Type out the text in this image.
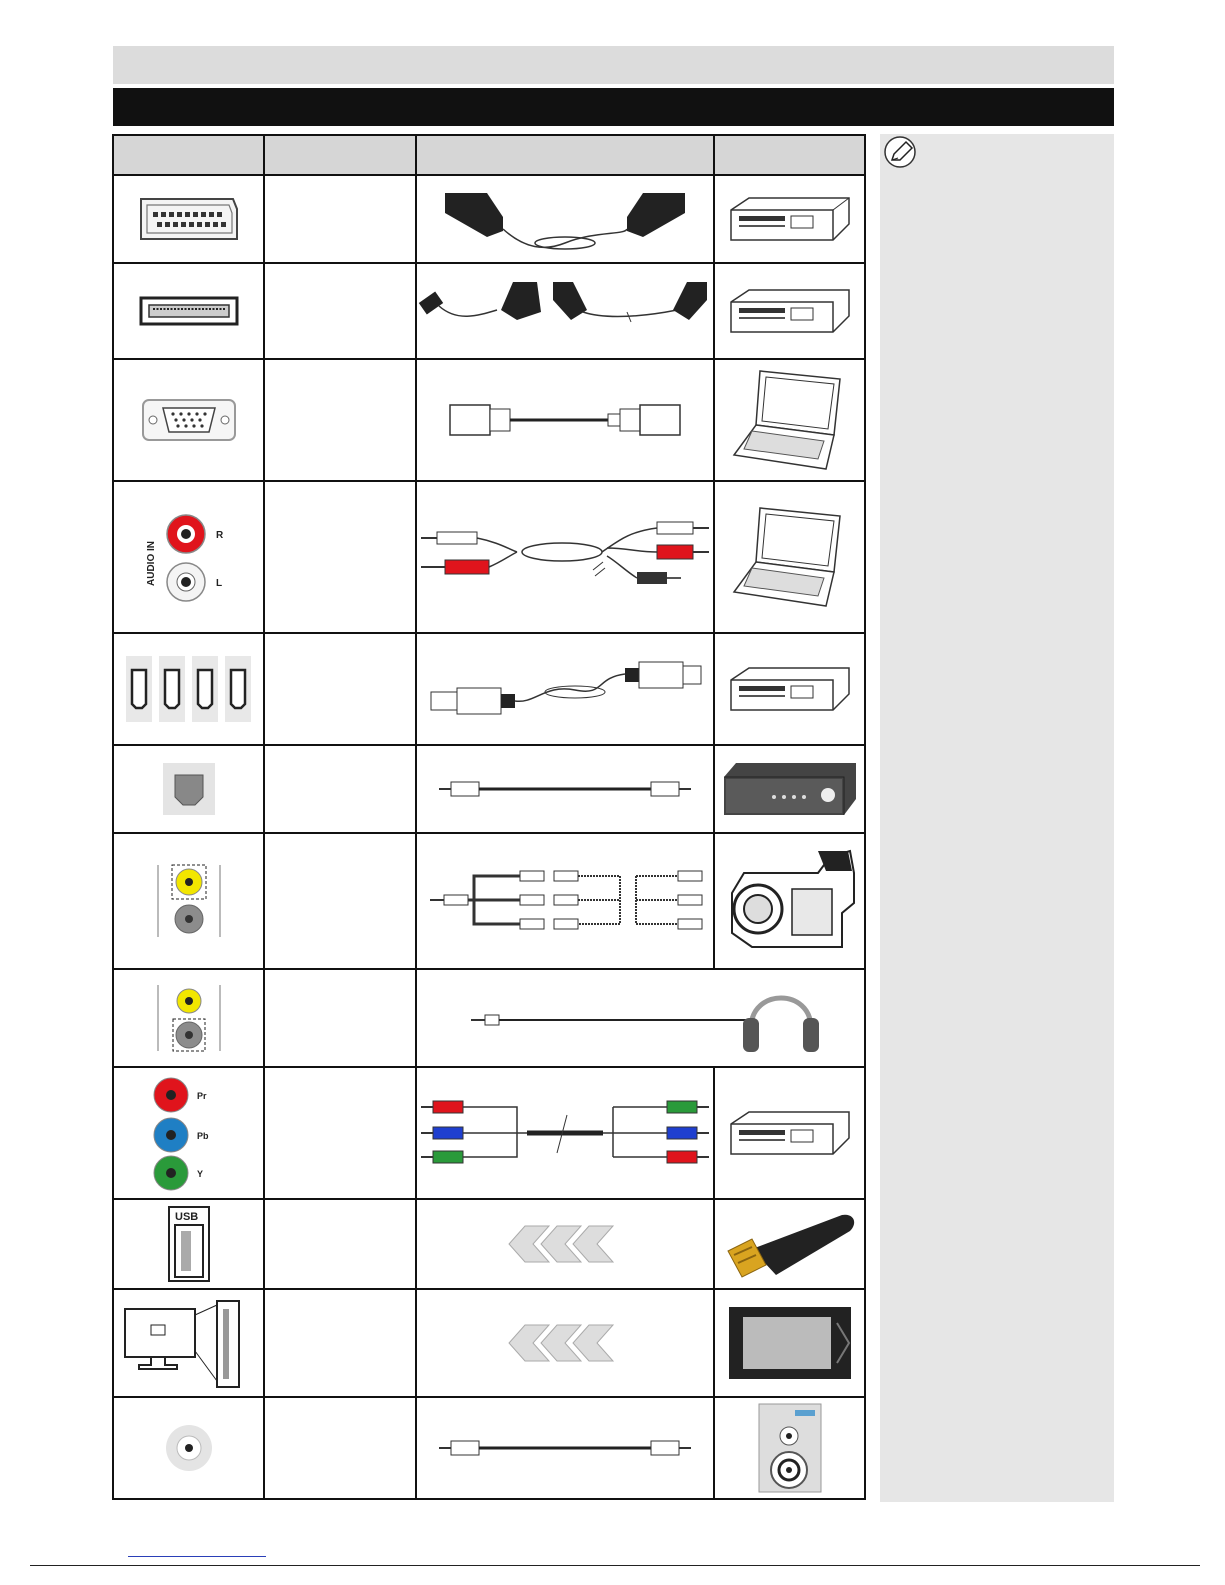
AUDIO IN
R
L

Pr
Pb
Y

USB
